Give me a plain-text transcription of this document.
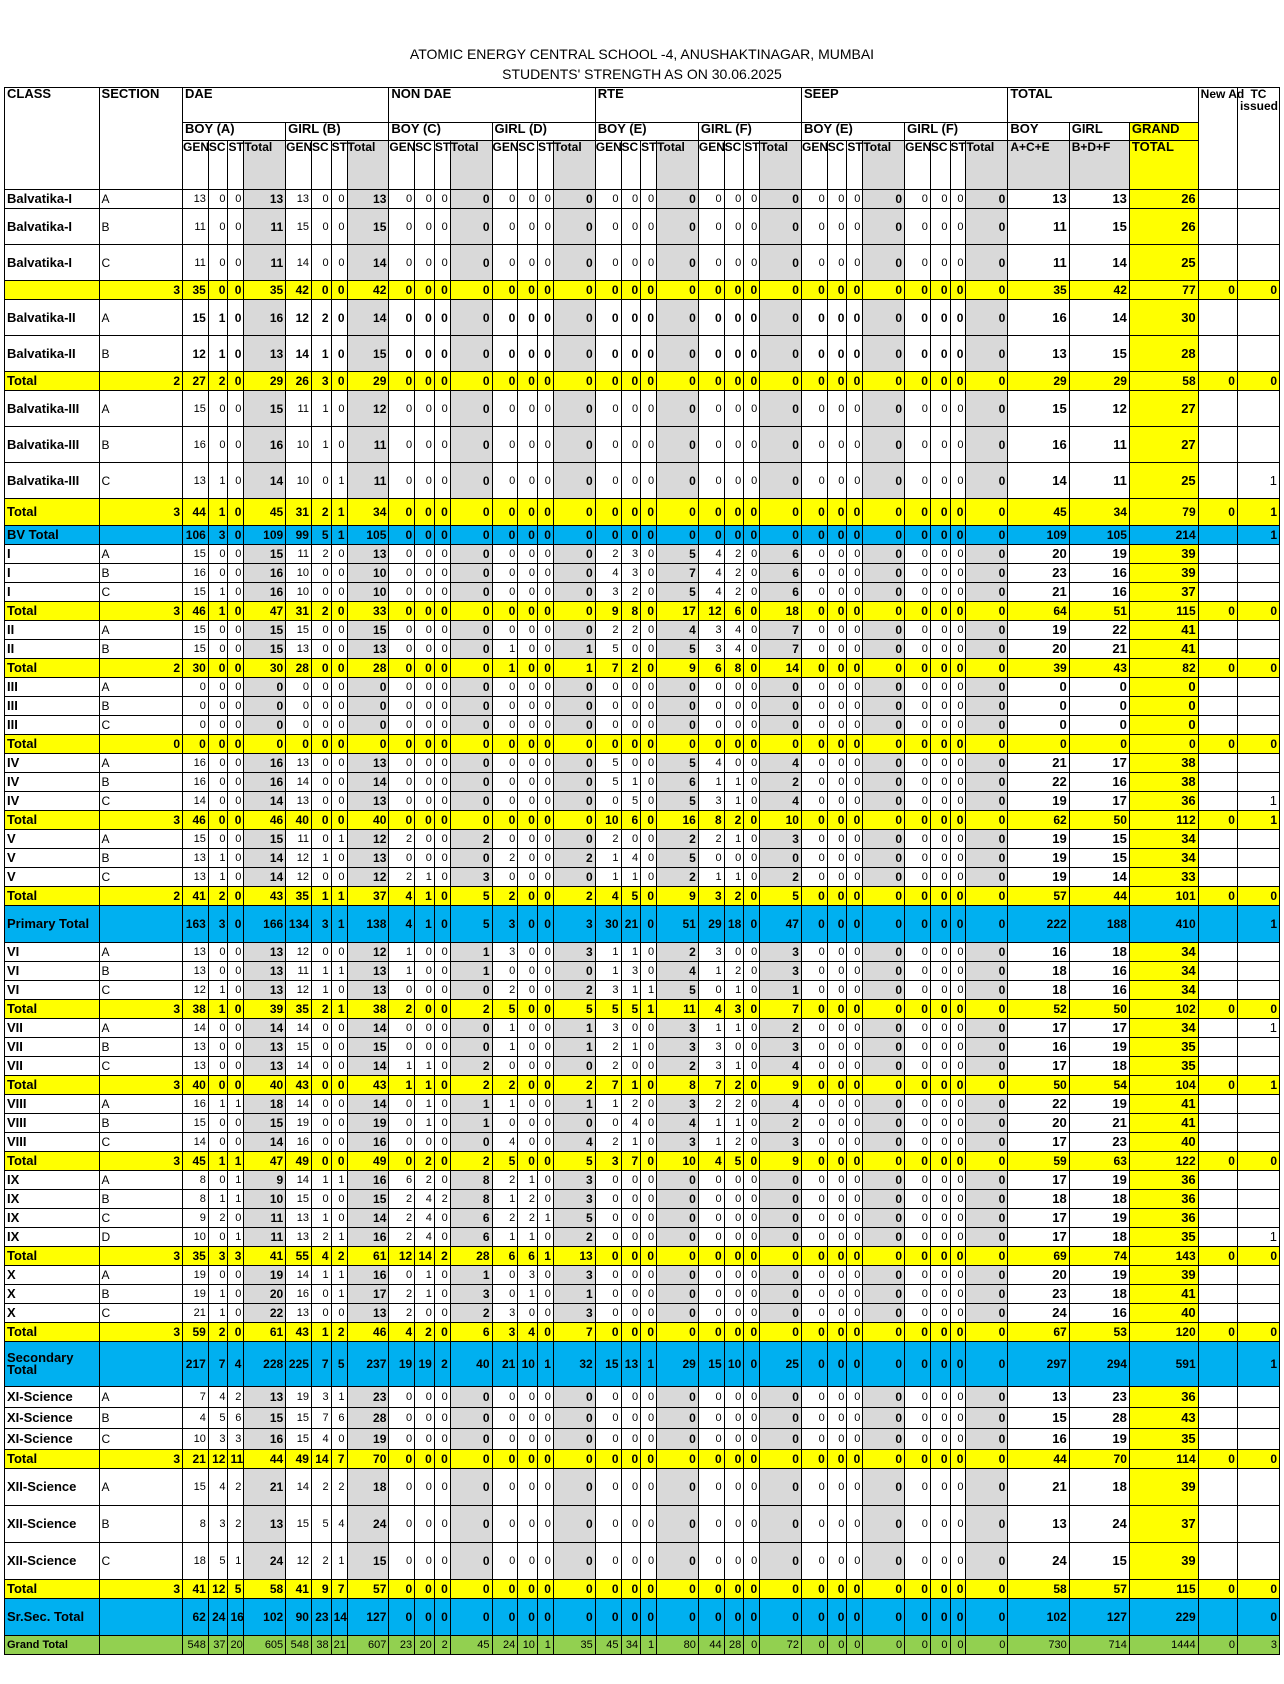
ATOMIC ENERGY CENTRAL SCHOOL -4, ANUSHAKTINAGAR, MUMBAI
STUDENTS' STRENGTH AS ON 30.06.2025
CLASS	SECTION	DAE								NON DAE								RTE								SEEP								TOTAL			New Ad	TC issued
		BOY (A)				GIRL (B)				BOY (C)				GIRL (D)				BOY (E)				GIRL (F)				BOY (E)				GIRL (F)				BOY	GIRL	GRAND		
		GEN	SC	ST	Total	GEN	SC	ST	Total	GEN	SC	ST	Total	GEN	SC	ST	Total	GEN	SC	ST	Total	GEN	SC	ST	Total	GEN	SC	ST	Total	GEN	SC	ST	Total	A+C+E	B+D+F	TOTAL		
Balvatika-I	A	13	0	0	13	13	0	0	13	0	0	0	0	0	0	0	0	0	0	0	0	0	0	0	0	0	0	0	0	0	0	0	0	13	13	26		
Balvatika-I	B	11	0	0	11	15	0	0	15	0	0	0	0	0	0	0	0	0	0	0	0	0	0	0	0	0	0	0	0	0	0	0	0	11	15	26		
Balvatika-I	C	11	0	0	11	14	0	0	14	0	0	0	0	0	0	0	0	0	0	0	0	0	0	0	0	0	0	0	0	0	0	0	0	11	14	25		
	3	35	0	0	35	42	0	0	42	0	0	0	0	0	0	0	0	0	0	0	0	0	0	0	0	0	0	0	0	0	0	0	0	35	42	77	0	0
Balvatika-II	A	15	1	0	16	12	2	0	14	0	0	0	0	0	0	0	0	0	0	0	0	0	0	0	0	0	0	0	0	0	0	0	0	16	14	30		
Balvatika-II	B	12	1	0	13	14	1	0	15	0	0	0	0	0	0	0	0	0	0	0	0	0	0	0	0	0	0	0	0	0	0	0	0	13	15	28		
Total	2	27	2	0	29	26	3	0	29	0	0	0	0	0	0	0	0	0	0	0	0	0	0	0	0	0	0	0	0	0	0	0	0	29	29	58	0	0
Balvatika-III	A	15	0	0	15	11	1	0	12	0	0	0	0	0	0	0	0	0	0	0	0	0	0	0	0	0	0	0	0	0	0	0	0	15	12	27		
Balvatika-III	B	16	0	0	16	10	1	0	11	0	0	0	0	0	0	0	0	0	0	0	0	0	0	0	0	0	0	0	0	0	0	0	0	16	11	27		
Balvatika-III	C	13	1	0	14	10	0	1	11	0	0	0	0	0	0	0	0	0	0	0	0	0	0	0	0	0	0	0	0	0	0	0	0	14	11	25		1
Total	3	44	1	0	45	31	2	1	34	0	0	0	0	0	0	0	0	0	0	0	0	0	0	0	0	0	0	0	0	0	0	0	0	45	34	79	0	1
BV Total		106	3	0	109	99	5	1	105	0	0	0	0	0	0	0	0	0	0	0	0	0	0	0	0	0	0	0	0	0	0	0	0	109	105	214		1
I	A	15	0	0	15	11	2	0	13	0	0	0	0	0	0	0	0	2	3	0	5	4	2	0	6	0	0	0	0	0	0	0	0	20	19	39		
I	B	16	0	0	16	10	0	0	10	0	0	0	0	0	0	0	0	4	3	0	7	4	2	0	6	0	0	0	0	0	0	0	0	23	16	39		
I	C	15	1	0	16	10	0	0	10	0	0	0	0	0	0	0	0	3	2	0	5	4	2	0	6	0	0	0	0	0	0	0	0	21	16	37		
Total	3	46	1	0	47	31	2	0	33	0	0	0	0	0	0	0	0	9	8	0	17	12	6	0	18	0	0	0	0	0	0	0	0	64	51	115	0	0
II	A	15	0	0	15	15	0	0	15	0	0	0	0	0	0	0	0	2	2	0	4	3	4	0	7	0	0	0	0	0	0	0	0	19	22	41		
II	B	15	0	0	15	13	0	0	13	0	0	0	0	1	0	0	1	5	0	0	5	3	4	0	7	0	0	0	0	0	0	0	0	20	21	41		
Total	2	30	0	0	30	28	0	0	28	0	0	0	0	1	0	0	1	7	2	0	9	6	8	0	14	0	0	0	0	0	0	0	0	39	43	82	0	0
III	A	0	0	0	0	0	0	0	0	0	0	0	0	0	0	0	0	0	0	0	0	0	0	0	0	0	0	0	0	0	0	0	0	0	0	0		
III	B	0	0	0	0	0	0	0	0	0	0	0	0	0	0	0	0	0	0	0	0	0	0	0	0	0	0	0	0	0	0	0	0	0	0	0		
III	C	0	0	0	0	0	0	0	0	0	0	0	0	0	0	0	0	0	0	0	0	0	0	0	0	0	0	0	0	0	0	0	0	0	0	0		
Total	0	0	0	0	0	0	0	0	0	0	0	0	0	0	0	0	0	0	0	0	0	0	0	0	0	0	0	0	0	0	0	0	0	0	0	0	0	0
IV	A	16	0	0	16	13	0	0	13	0	0	0	0	0	0	0	0	5	0	0	5	4	0	0	4	0	0	0	0	0	0	0	0	21	17	38		
IV	B	16	0	0	16	14	0	0	14	0	0	0	0	0	0	0	0	5	1	0	6	1	1	0	2	0	0	0	0	0	0	0	0	22	16	38		
IV	C	14	0	0	14	13	0	0	13	0	0	0	0	0	0	0	0	0	5	0	5	3	1	0	4	0	0	0	0	0	0	0	0	19	17	36		1
Total	3	46	0	0	46	40	0	0	40	0	0	0	0	0	0	0	0	10	6	0	16	8	2	0	10	0	0	0	0	0	0	0	0	62	50	112	0	1
V	A	15	0	0	15	11	0	1	12	2	0	0	2	0	0	0	0	2	0	0	2	2	1	0	3	0	0	0	0	0	0	0	0	19	15	34		
V	B	13	1	0	14	12	1	0	13	0	0	0	0	2	0	0	2	1	4	0	5	0	0	0	0	0	0	0	0	0	0	0	0	19	15	34		
V	C	13	1	0	14	12	0	0	12	2	1	0	3	0	0	0	0	1	1	0	2	1	1	0	2	0	0	0	0	0	0	0	0	19	14	33		
Total	2	41	2	0	43	35	1	1	37	4	1	0	5	2	0	0	2	4	5	0	9	3	2	0	5	0	0	0	0	0	0	0	0	57	44	101	0	0
Primary Total		163	3	0	166	134	3	1	138	4	1	0	5	3	0	0	3	30	21	0	51	29	18	0	47	0	0	0	0	0	0	0	0	222	188	410		1
VI	A	13	0	0	13	12	0	0	12	1	0	0	1	3	0	0	3	1	1	0	2	3	0	0	3	0	0	0	0	0	0	0	0	16	18	34		
VI	B	13	0	0	13	11	1	1	13	1	0	0	1	0	0	0	0	1	3	0	4	1	2	0	3	0	0	0	0	0	0	0	0	18	16	34		
VI	C	12	1	0	13	12	1	0	13	0	0	0	0	2	0	0	2	3	1	1	5	0	1	0	1	0	0	0	0	0	0	0	0	18	16	34		
Total	3	38	1	0	39	35	2	1	38	2	0	0	2	5	0	0	5	5	5	1	11	4	3	0	7	0	0	0	0	0	0	0	0	52	50	102	0	0
VII	A	14	0	0	14	14	0	0	14	0	0	0	0	1	0	0	1	3	0	0	3	1	1	0	2	0	0	0	0	0	0	0	0	17	17	34		1
VII	B	13	0	0	13	15	0	0	15	0	0	0	0	1	0	0	1	2	1	0	3	3	0	0	3	0	0	0	0	0	0	0	0	16	19	35		
VII	C	13	0	0	13	14	0	0	14	1	1	0	2	0	0	0	0	2	0	0	2	3	1	0	4	0	0	0	0	0	0	0	0	17	18	35		
Total	3	40	0	0	40	43	0	0	43	1	1	0	2	2	0	0	2	7	1	0	8	7	2	0	9	0	0	0	0	0	0	0	0	50	54	104	0	1
VIII	A	16	1	1	18	14	0	0	14	0	1	0	1	1	0	0	1	1	2	0	3	2	2	0	4	0	0	0	0	0	0	0	0	22	19	41		
VIII	B	15	0	0	15	19	0	0	19	0	1	0	1	0	0	0	0	0	4	0	4	1	1	0	2	0	0	0	0	0	0	0	0	20	21	41		
VIII	C	14	0	0	14	16	0	0	16	0	0	0	0	4	0	0	4	2	1	0	3	1	2	0	3	0	0	0	0	0	0	0	0	17	23	40		
Total	3	45	1	1	47	49	0	0	49	0	2	0	2	5	0	0	5	3	7	0	10	4	5	0	9	0	0	0	0	0	0	0	0	59	63	122	0	0
IX	A	8	0	1	9	14	1	1	16	6	2	0	8	2	1	0	3	0	0	0	0	0	0	0	0	0	0	0	0	0	0	0	0	17	19	36		
IX	B	8	1	1	10	15	0	0	15	2	4	2	8	1	2	0	3	0	0	0	0	0	0	0	0	0	0	0	0	0	0	0	0	18	18	36		
IX	C	9	2	0	11	13	1	0	14	2	4	0	6	2	2	1	5	0	0	0	0	0	0	0	0	0	0	0	0	0	0	0	0	17	19	36		
IX	D	10	0	1	11	13	2	1	16	2	4	0	6	1	1	0	2	0	0	0	0	0	0	0	0	0	0	0	0	0	0	0	0	17	18	35		1
Total	3	35	3	3	41	55	4	2	61	12	14	2	28	6	6	1	13	0	0	0	0	0	0	0	0	0	0	0	0	0	0	0	0	69	74	143	0	0
X	A	19	0	0	19	14	1	1	16	0	1	0	1	0	3	0	3	0	0	0	0	0	0	0	0	0	0	0	0	0	0	0	0	20	19	39		
X	B	19	1	0	20	16	0	1	17	2	1	0	3	0	1	0	1	0	0	0	0	0	0	0	0	0	0	0	0	0	0	0	0	23	18	41		
X	C	21	1	0	22	13	0	0	13	2	0	0	2	3	0	0	3	0	0	0	0	0	0	0	0	0	0	0	0	0	0	0	0	24	16	40		
Total	3	59	2	0	61	43	1	2	46	4	2	0	6	3	4	0	7	0	0	0	0	0	0	0	0	0	0	0	0	0	0	0	0	67	53	120	0	0
Secondary Total		217	7	4	228	225	7	5	237	19	19	2	40	21	10	1	32	15	13	1	29	15	10	0	25	0	0	0	0	0	0	0	0	297	294	591		1
XI-Science	A	7	4	2	13	19	3	1	23	0	0	0	0	0	0	0	0	0	0	0	0	0	0	0	0	0	0	0	0	0	0	0	0	13	23	36		
XI-Science	B	4	5	6	15	15	7	6	28	0	0	0	0	0	0	0	0	0	0	0	0	0	0	0	0	0	0	0	0	0	0	0	0	15	28	43		
XI-Science	C	10	3	3	16	15	4	0	19	0	0	0	0	0	0	0	0	0	0	0	0	0	0	0	0	0	0	0	0	0	0	0	0	16	19	35		
Total	3	21	12	11	44	49	14	7	70	0	0	0	0	0	0	0	0	0	0	0	0	0	0	0	0	0	0	0	0	0	0	0	0	44	70	114	0	0
XII-Science	A	15	4	2	21	14	2	2	18	0	0	0	0	0	0	0	0	0	0	0	0	0	0	0	0	0	0	0	0	0	0	0	0	21	18	39		
XII-Science	B	8	3	2	13	15	5	4	24	0	0	0	0	0	0	0	0	0	0	0	0	0	0	0	0	0	0	0	0	0	0	0	0	13	24	37		
XII-Science	C	18	5	1	24	12	2	1	15	0	0	0	0	0	0	0	0	0	0	0	0	0	0	0	0	0	0	0	0	0	0	0	0	24	15	39		
Total	3	41	12	5	58	41	9	7	57	0	0	0	0	0	0	0	0	0	0	0	0	0	0	0	0	0	0	0	0	0	0	0	0	58	57	115	0	0
Sr.Sec. Total		62	24	16	102	90	23	14	127	0	0	0	0	0	0	0	0	0	0	0	0	0	0	0	0	0	0	0	0	0	0	0	0	102	127	229		0
Grand Total		548	37	20	605	548	38	21	607	23	20	2	45	24	10	1	35	45	34	1	80	44	28	0	72	0	0	0	0	0	0	0	0	730	714	1444	0	3
